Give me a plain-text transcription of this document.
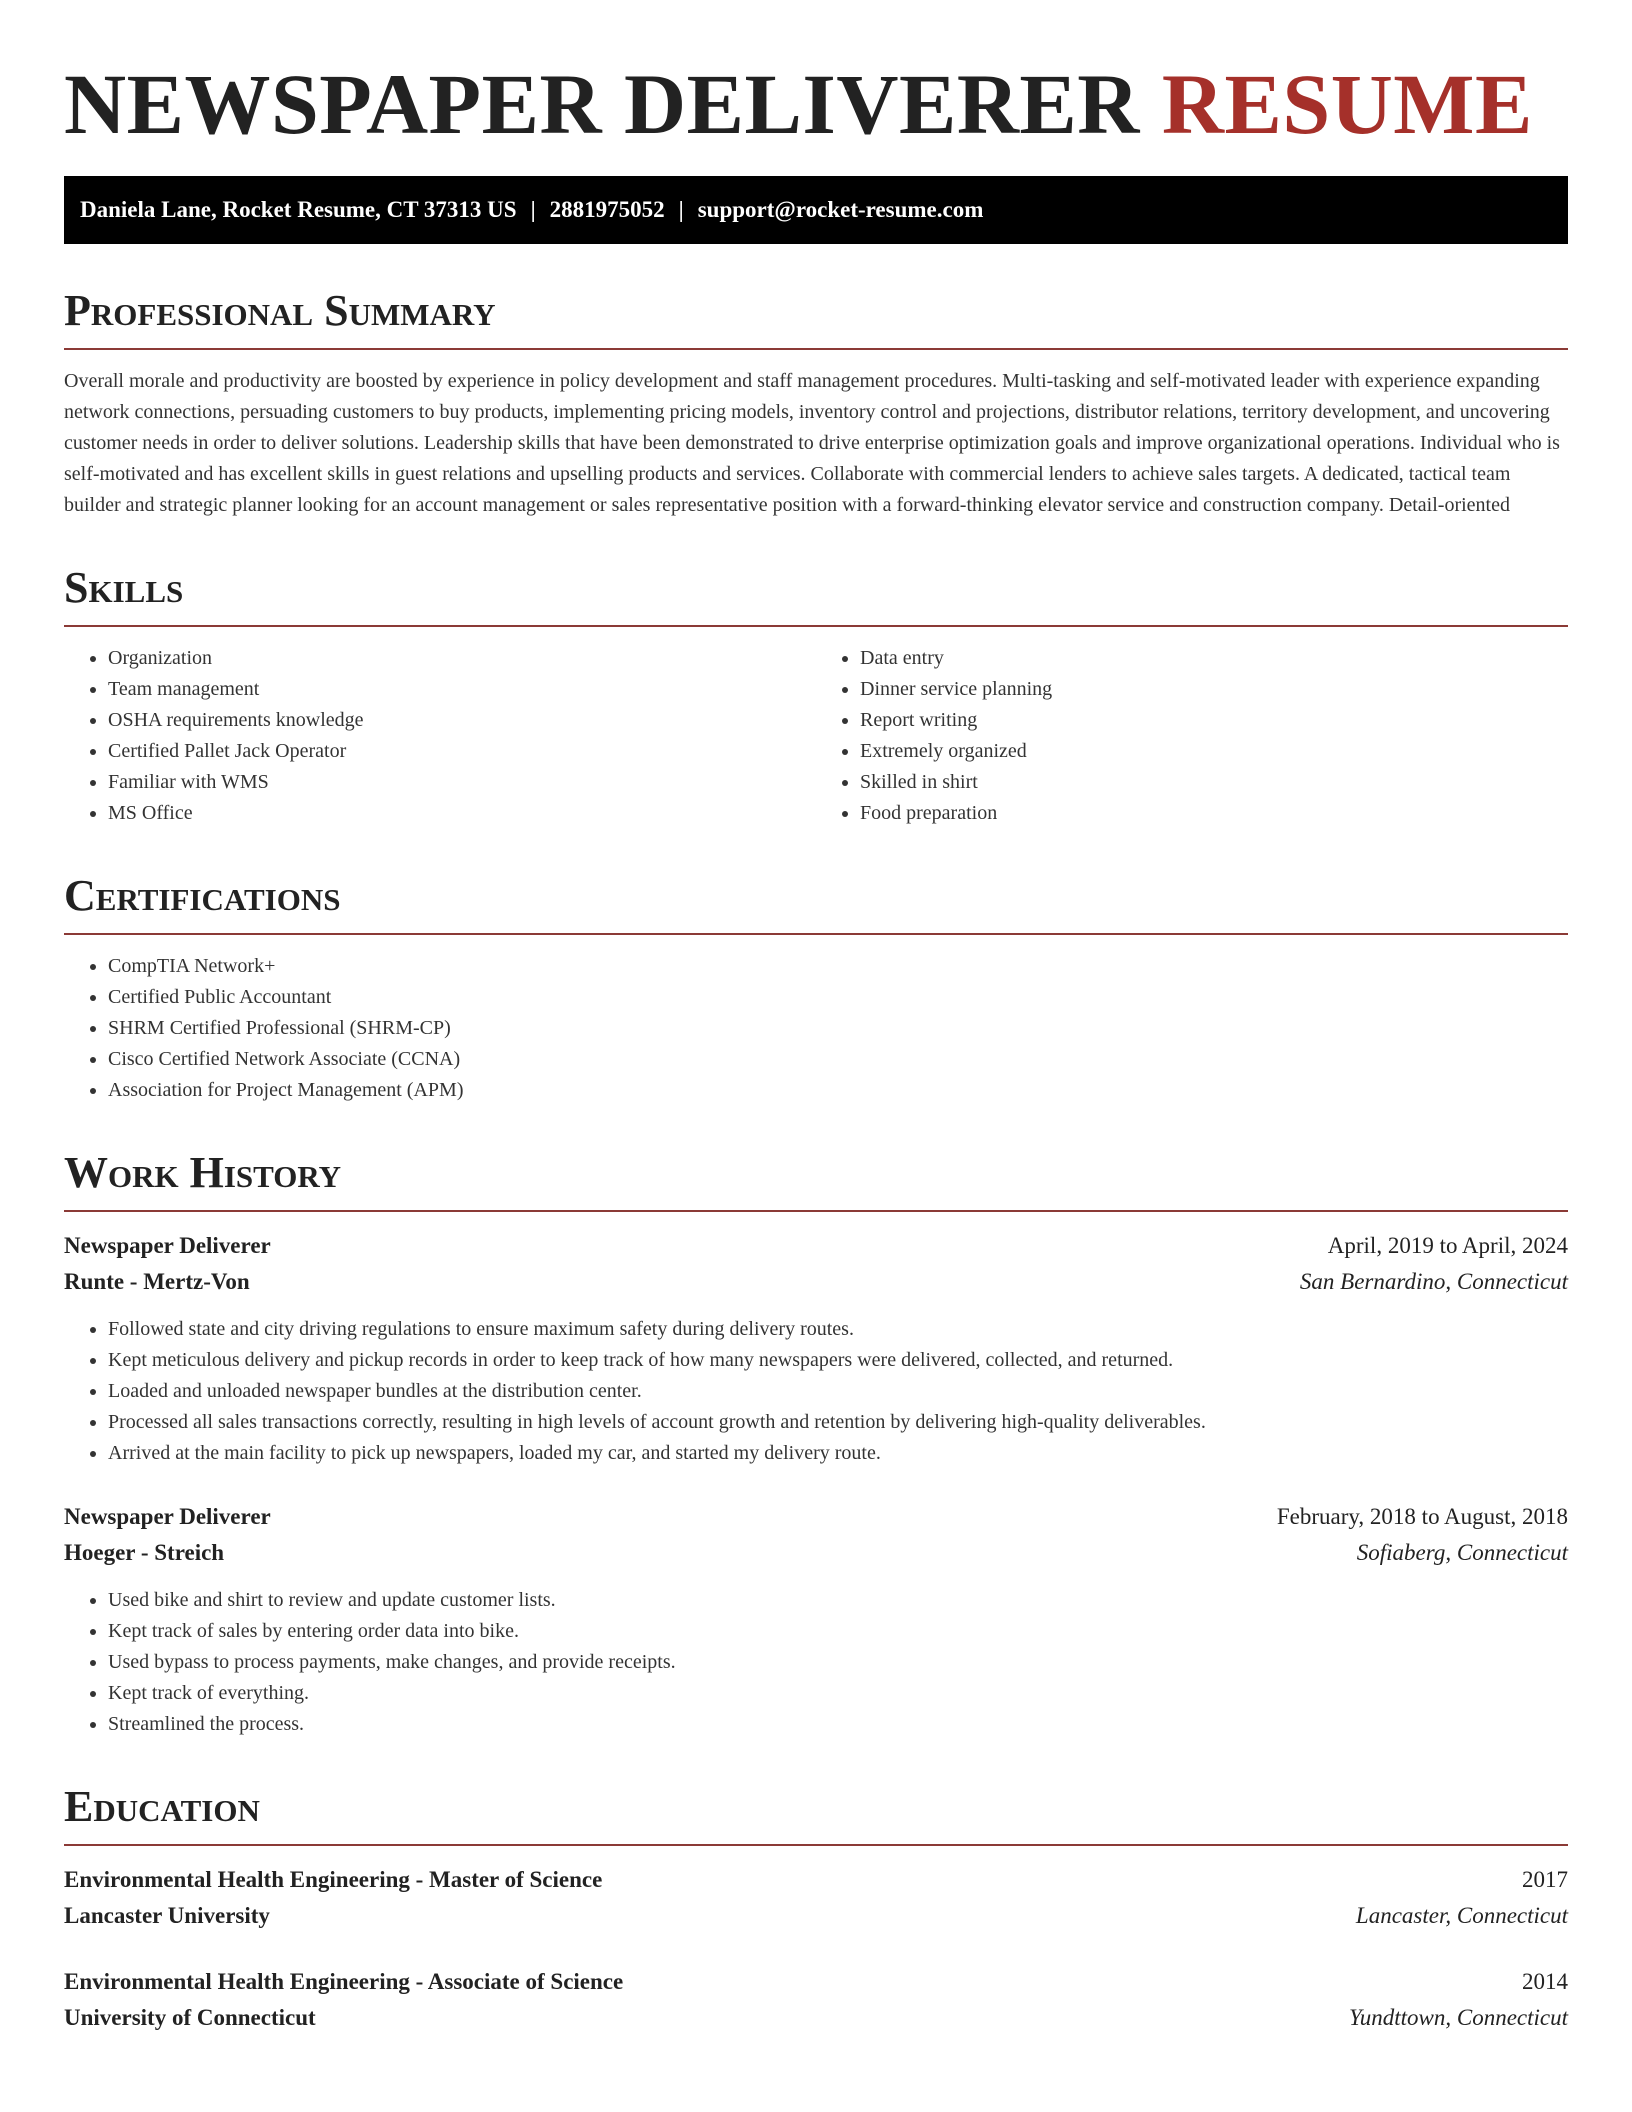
NEWSPAPER DELIVERER RESUME
Daniela Lane, Rocket Resume, CT 37313 US | 2881975052 | support@rocket-resume.com
Professional Summary

Overall morale and productivity are boosted by experience in policy development and staff management procedures. Multi-tasking and self-motivated leader with experience expanding network connections, persuading customers to buy products, implementing pricing models, inventory control and projections, distributor relations, territory development, and uncovering customer needs in order to deliver solutions. Leadership skills that have been demonstrated to drive enterprise optimization goals and improve organizational operations. Individual who is self-motivated and has excellent skills in guest relations and upselling products and services. Collaborate with commercial lenders to achieve sales targets. A dedicated, tactical team builder and strategic planner looking for an account management or sales representative position with a forward-thinking elevator service and construction company. Detail-oriented

Skills
• Organization
• Team management
• OSHA requirements knowledge
• Certified Pallet Jack Operator
• Familiar with WMS
• MS Office
• Data entry
• Dinner service planning
• Report writing
• Extremely organized
• Skilled in shirt
• Food preparation
Certifications
• CompTIA Network+
• Certified Public Accountant
• SHRM Certified Professional (SHRM-CP)
• Cisco Certified Network Associate (CCNA)
• Association for Project Management (APM)
Work History
Newspaper Deliverer	April, 2019 to April, 2024
Runte - Mertz-Von	San Bernardino, Connecticut
• Followed state and city driving regulations to ensure maximum safety during delivery routes.
• Kept meticulous delivery and pickup records in order to keep track of how many newspapers were delivered, collected, and returned.
• Loaded and unloaded newspaper bundles at the distribution center.
• Processed all sales transactions correctly, resulting in high levels of account growth and retention by delivering high-quality deliverables.
• Arrived at the main facility to pick up newspapers, loaded my car, and started my delivery route.
Newspaper Deliverer	February, 2018 to August, 2018
Hoeger - Streich	Sofiaberg, Connecticut
• Used bike and shirt to review and update customer lists.
• Kept track of sales by entering order data into bike.
• Used bypass to process payments, make changes, and provide receipts.
• Kept track of everything.
• Streamlined the process.
Education
Environmental Health Engineering - Master of Science	2017
Lancaster University	Lancaster, Connecticut
Environmental Health Engineering - Associate of Science	2014
University of Connecticut	Yundttown, Connecticut
